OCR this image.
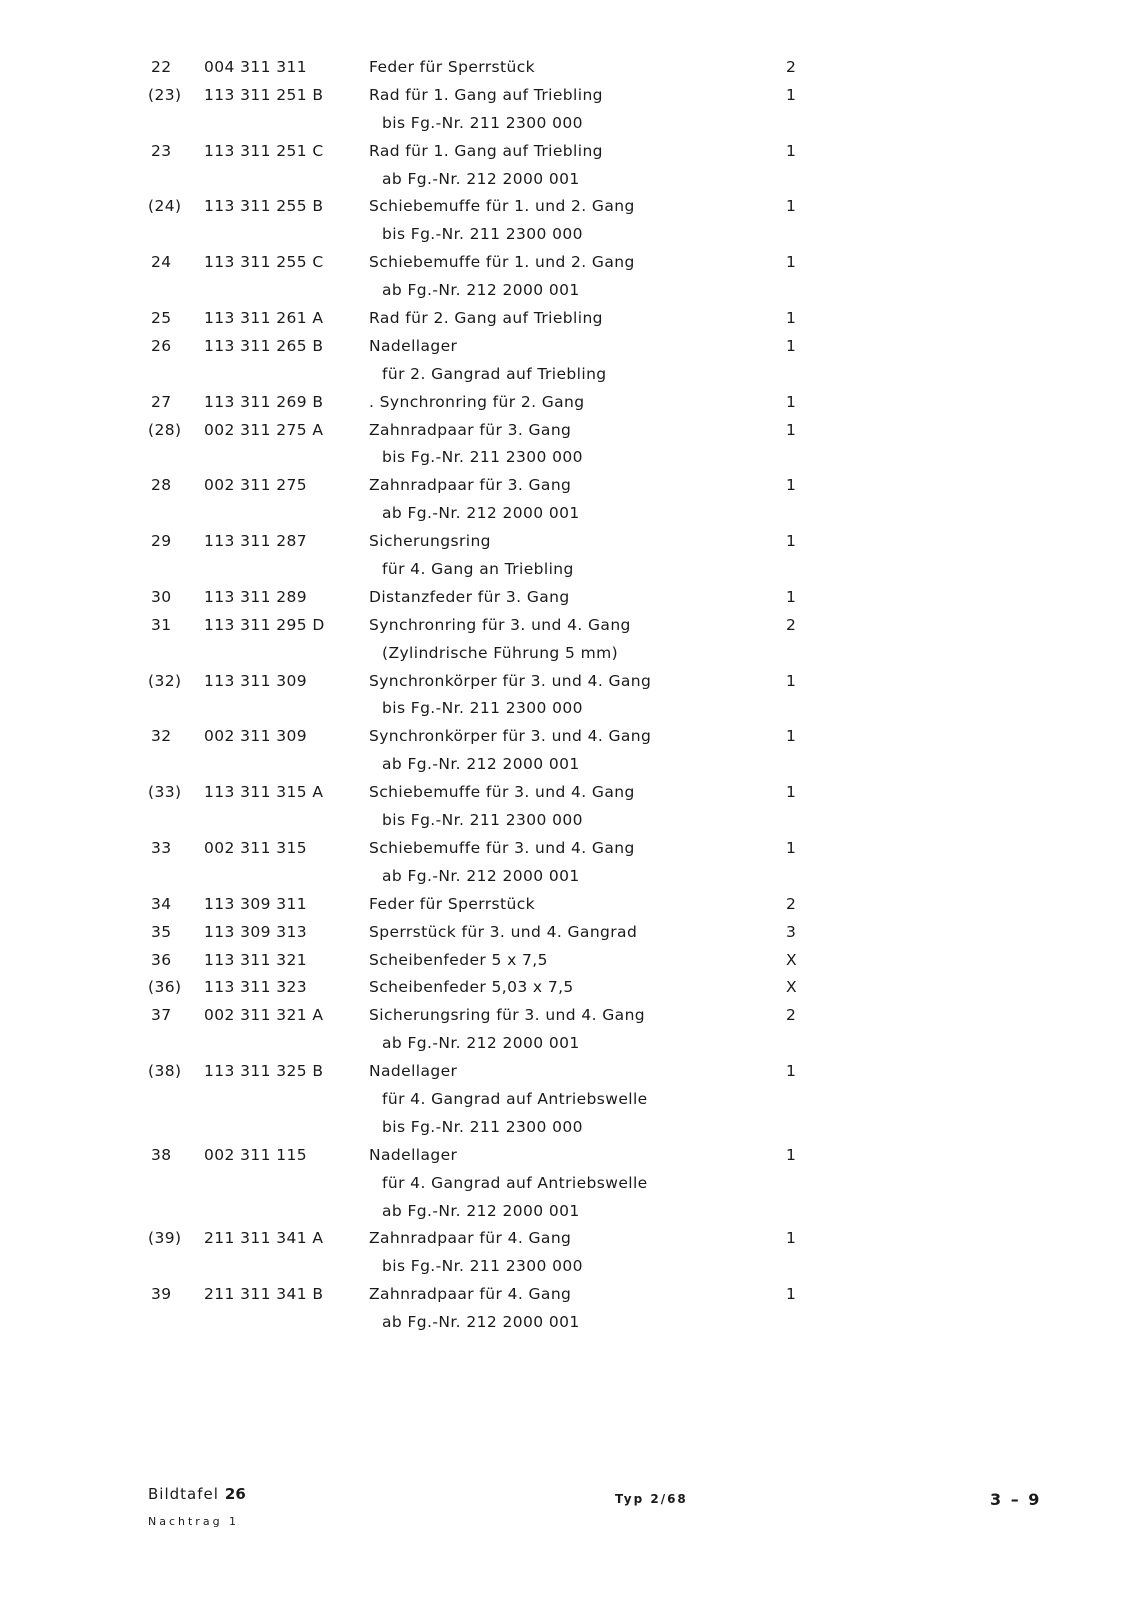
22 004 311 311	Feder für Sperrstück	2
(23) 113 311 251 B	Rad für 1. Gang auf Triebling	1
bis Fg.-Nr. 211 2300 000
23 113 311 251 C	Rad für 1. Gang auf Triebling	1
ab Fg.-Nr. 212 2000 001
(24) 113 311 255 B	Schiebemuffe für 1. und 2. Gang	1
bis Fg.-Nr. 211 2300 000
24 113 311 255 C	Schiebemuffe für 1. und 2. Gang	1
ab Fg.-Nr. 212 2000 001
25 113 311 261 A	Rad für 2. Gang auf Triebling	1
26 113 311 265 B	Nadellager	1
für 2. Gangrad auf Triebling
27 113 311 269 B	. Synchronring für 2. Gang	1
(28) 002 311 275 A	Zahnradpaar für 3. Gang	1
bis Fg.-Nr. 211 2300 000
28 002 311 275	Zahnradpaar für 3. Gang	1
ab Fg.-Nr. 212 2000 001
29 113 311 287	Sicherungsring	1
für 4. Gang an Triebling
30 113 311 289	Distanzfeder für 3. Gang	1
31 113 311 295 D	Synchronring für 3. und 4. Gang	2
(Zylindrische Führung 5 mm)
(32) 113 311 309	Synchronkörper für 3. und 4. Gang	1
bis Fg.-Nr. 211 2300 000
32 002 311 309	Synchronkörper für 3. und 4. Gang	1
ab Fg.-Nr. 212 2000 001
(33) 113 311 315 A	Schiebemuffe für 3. und 4. Gang	1
bis Fg.-Nr. 211 2300 000
33 002 311 315	Schiebemuffe für 3. und 4. Gang	1
ab Fg.-Nr. 212 2000 001
34 113 309 311	Feder für Sperrstück	2
35 113 309 313	Sperrstück für 3. und 4. Gangrad	3
36 113 311 321	Scheibenfeder 5 x 7,5	X
(36) 113 311 323	Scheibenfeder 5,03 x 7,5	X
37 002 311 321 A	Sicherungsring für 3. und 4. Gang	2
ab Fg.-Nr. 212 2000 001
(38) 113 311 325 B	Nadellager	1
für 4. Gangrad auf Antriebswelle
bis Fg.-Nr. 211 2300 000
38 002 311 115	Nadellager	1
für 4. Gangrad auf Antriebswelle
ab Fg.-Nr. 212 2000 001
(39) 211 311 341 A	Zahnradpaar für 4. Gang	1
bis Fg.-Nr. 211 2300 000
39 211 311 341 B	Zahnradpaar für 4. Gang	1
ab Fg.-Nr. 212 2000 001
Bildtafel 26
Nachtrag 1
Typ 2/68	3 – 9
